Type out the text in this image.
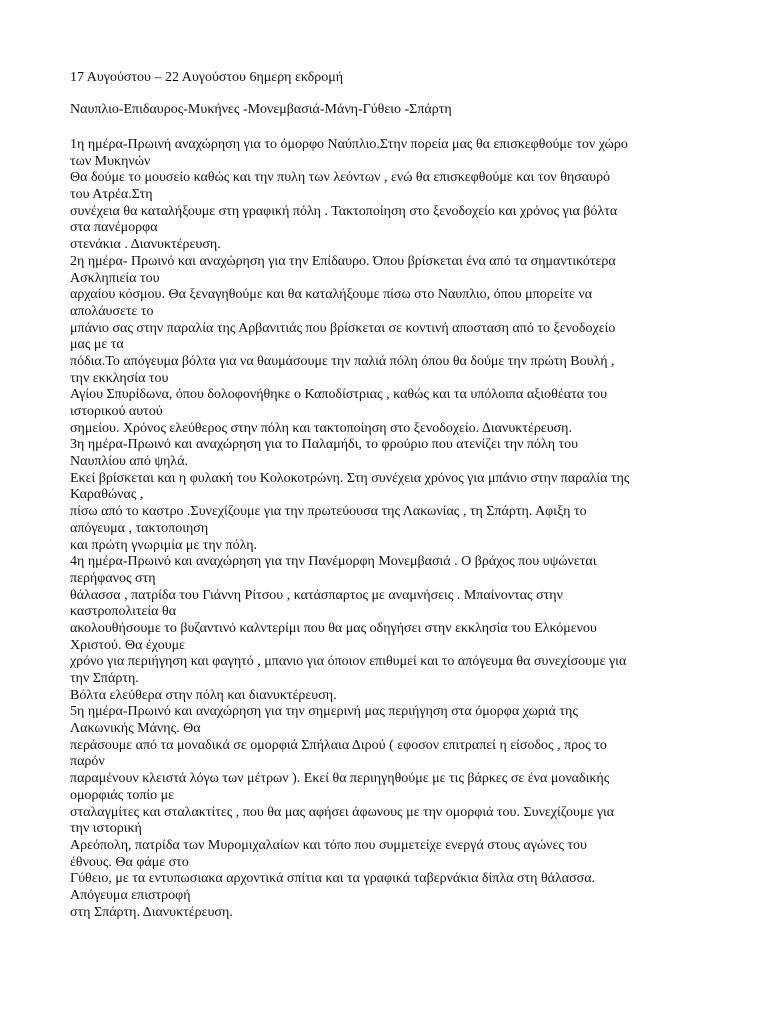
17 Αυγούστου – 22 Αυγούστου 6ημερη εκδρομή
Ναυπλιο-Επιδαυρος-Μυκήνες -Μονεμβασιά-Μάνη-Γύθειο -Σπάρτη
1η ημέρα-Πρωινή αναχώρηση για το όμορφο Ναύπλιο.Στην πορεία μας θα επισκεφθούμε τον χώρο
των Μυκηνών
Θα δούμε το μουσείο καθώς και την πυλη των λεόντων , ενώ θα επισκεφθούμε και τον θησαυρό
του Ατρέα.Στη
συνέχεια θα καταλήξουμε στη γραφική πόλη . Τακτοποίηση στο ξενοδοχείο και χρόνος για βόλτα
στα πανέμορφα
στενάκια . Διανυκτέρευση.
2η ημέρα- Πρωινό και αναχώρηση για την Επίδαυρο. Όπου βρίσκεται ένα από τα σημαντικότερα
Ασκληπιεία του
αρχαίου κόσμου. Θα ξεναγηθούμε και θα καταλήξουμε πίσω στο Ναυπλιο, όπου μπορείτε να
απολάυσετε το
μπάνιο σας στην παραλία της Αρβανιτιάς που βρίσκεται σε κοντινή αποσταση από το ξενοδοχείο
μας με τα
πόδια.Το απόγευμα βόλτα για να θαυμάσουμε την παλιά πόλη όπου θα δούμε την πρώτη Βουλή ,
την εκκλησία του
Αγίου Σπυρίδωνα, όπου δολοφονήθηκε ο Καποδίστριας , καθώς και τα υπόλοιπα αξιοθέατα του
ιστορικού αυτού
σημείου. Χρόνος ελεύθερος στην πόλη και τακτοποίηση στο ξενοδοχείο. Διανυκτέρευση.
3η ημέρα-Πρωινό και αναχώρηση για το Παλαμήδι, το φρούριο που ατενίζει την πόλη του
Ναυπλίου από ψηλά.
Εκεί βρίσκεται και η φυλακή του Κολοκοτρώνη. Στη συνέχεια χρόνος για μπάνιο στην παραλία της
Καραθώνας ,
πίσω από το καστρο .Συνεχίζουμε για την πρωτεύουσα της Λακωνίας , τη Σπάρτη. Αφιξη το
απόγευμα , τακτοποιηση
και πρώτη γνωριμία με την πόλη.
4η ημέρα-Πρωινό και αναχώρηση για την Πανέμορφη Μονεμβασιά . Ο βράχος που υψώνεται
περήφανος στη
θάλασσα , πατρίδα του Γιάννη Ρίτσου , κατάσπαρτος με αναμνήσεις . Μπαίνοντας στην
καστροπολιτεία θα
ακολουθήσουμε το βυζαντινό καλντερίμι που θα μας οδηγήσει στην εκκλησία του Ελκόμενου
Χριστού. Θα έχουμε
χρόνο για περιήγηση και φαγητό , μπανιο για όποιον επιθυμεί και το απόγευμα θα συνεχίσουμε για
την Σπάρτη.
Βόλτα ελεύθερα στην πόλη και διανυκτέρευση.
5η ημέρα-Πρωινό και αναχώρηση για την σημερινή μας περιήγηση στα όμορφα χωριά της
Λακωνικής Μάνης. Θα
περάσουμε από τα μοναδικά σε ομορφιά Σπήλαια Διρού ( εφοσον επιτραπεί η είσοδος , προς το
παρόν
παραμένουν κλειστά λόγω των μέτρων ). Εκεί θα περιηγηθούμε με τις βάρκες σε ένα μοναδικής
ομορφιάς τοπίο με
σταλαγμίτες και σταλακτίτες , που θα μας αφήσει άφωνους με την ομορφιά του. Συνεχίζουμε για
την ιστορική
Αρεόπολη, πατρίδα των Μυρομιχαλαίων και τόπο που συμμετείχε ενεργά στους αγώνες του
έθνους. Θα φάμε στο
Γύθειο, με τα εντυπωσιακα αρχοντικά σπίτια και τα γραφικά ταβερνάκια δίπλα στη θάλασσα.
Απόγευμα επιστροφή
στη Σπάρτη. Διανυκτέρευση.
